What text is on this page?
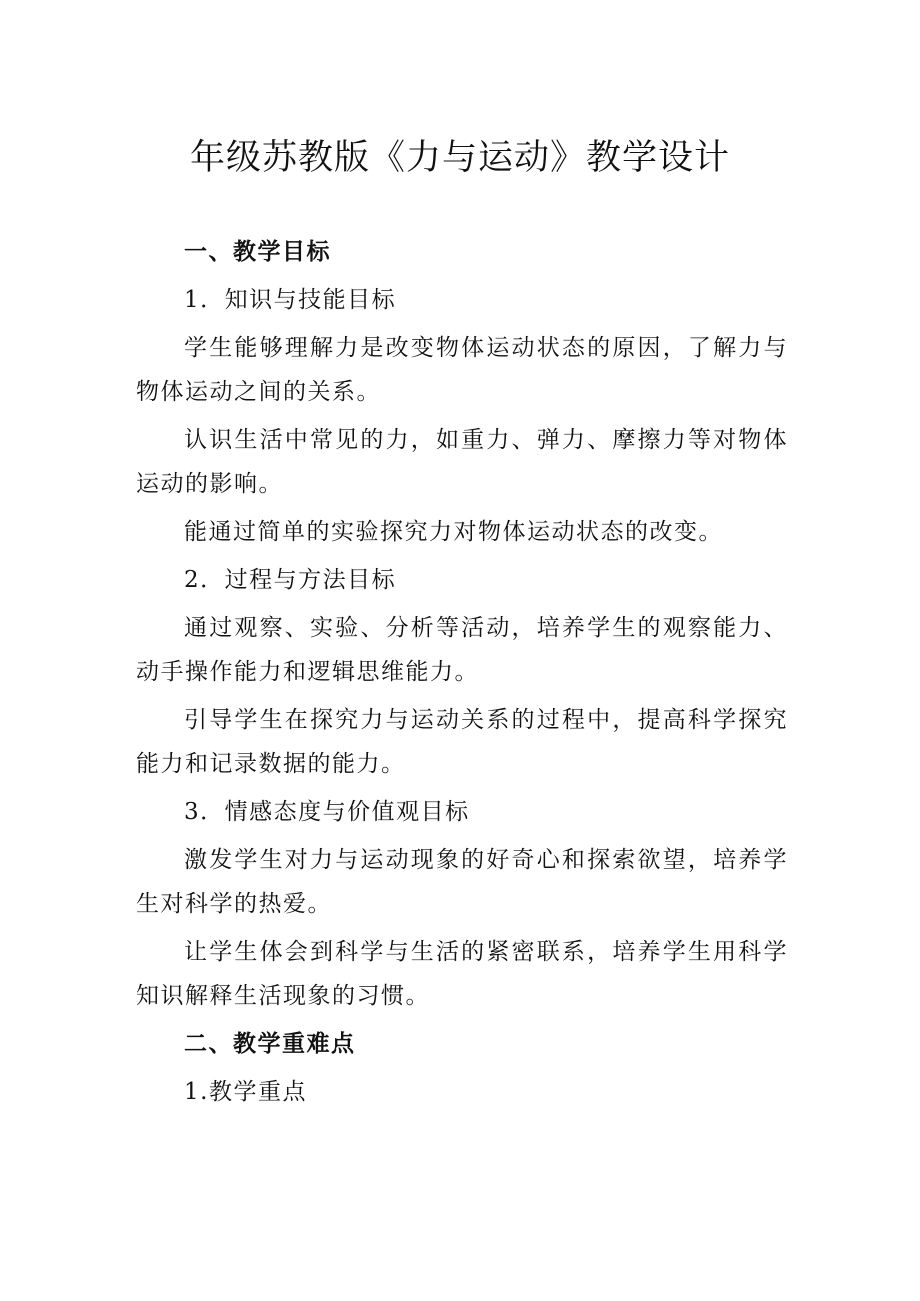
年级苏教版《力与运动》教学设计

一、教学目标

1．知识与技能目标

学生能够理解力是改变物体运动状态的原因，了解力与物体运动之间的关系。

认识生活中常见的力，如重力、弹力、摩擦力等对物体运动的影响。

能通过简单的实验探究力对物体运动状态的改变。

2．过程与方法目标

通过观察、实验、分析等活动，培养学生的观察能力、动手操作能力和逻辑思维能力。

引导学生在探究力与运动关系的过程中，提高科学探究能力和记录数据的能力。

3．情感态度与价值观目标

激发学生对力与运动现象的好奇心和探索欲望，培养学生对科学的热爱。

让学生体会到科学与生活的紧密联系，培养学生用科学知识解释生活现象的习惯。

二、教学重难点

1.教学重点
